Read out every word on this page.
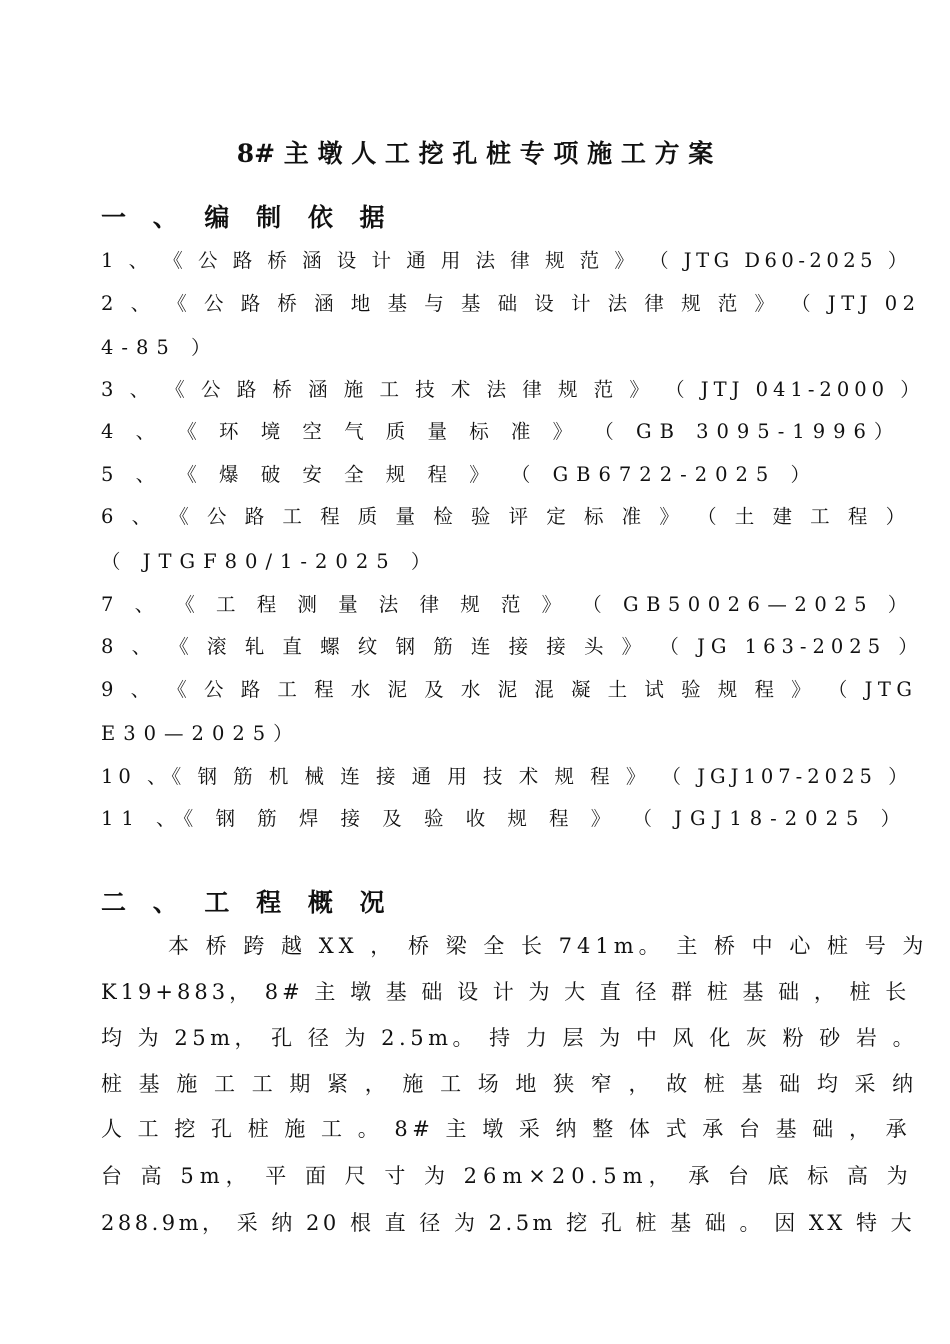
8# 主 墩 人 工 挖 孔 桩 专 项 施 工 方 案
一 、 编 制 依 据
1 、 《 公 路 桥 涵 设 计 通 用 法 律 规 范 》 （ JTG D60-2025 ）
2 、 《 公 路 桥 涵 地 基 与 基 础 设 计 法 律 规 范 》 （ JTJ 02
4-85 ）
3 、 《 公 路 桥 涵 施 工 技 术 法 律 规 范 》 （ JTJ 041-2000 ）
4 、 《 环 境 空 气 质 量 标 准 》 （ GB 3095-1996）
5 、 《 爆 破 安 全 规 程 》 （ GB6722-2025 ）
6 、 《 公 路 工 程 质 量 检 验 评 定 标 准 》 （ 土 建 工 程 ）
（ JTGF80/1-2025 ）
7 、 《 工 程 测 量 法 律 规 范 》 （ GB50026—2025 ）
8 、 《 滚 轧 直 螺 纹 钢 筋 连 接 接 头 》 （ JG 163-2025 ）
9 、 《 公 路 工 程 水 泥 及 水 泥 混 凝 土 试 验 规 程 》 （ JTG
E30—2025）
10 、《 钢 筋 机 械 连 接 通 用 技 术 规 程 》 （ JGJ107-2025 ）
11 、《 钢 筋 焊 接 及 验 收 规 程 》 （ JGJ18-2025 ）
二 、 工 程 概 况
本 桥 跨 越 XX ， 桥 梁 全 长 741m。 主 桥 中 心 桩 号 为
K19+883， 8# 主 墩 基 础 设 计 为 大 直 径 群 桩 基 础 ， 桩 长
均 为 25m， 孔 径 为 2.5m。 持 力 层 为 中 风 化 灰 粉 砂 岩 。
桩 基 施 工 工 期 紧 ， 施 工 场 地 狭 窄 ， 故 桩 基 础 均 采 纳
人 工 挖 孔 桩 施 工 。 8# 主 墩 采 纳 整 体 式 承 台 基 础 ， 承
台 高 5m， 平 面 尺 寸 为 26m×20.5m， 承 台 底 标 高 为
288.9m， 采 纳 20 根 直 径 为 2.5m 挖 孔 桩 基 础 。 因 XX 特 大
